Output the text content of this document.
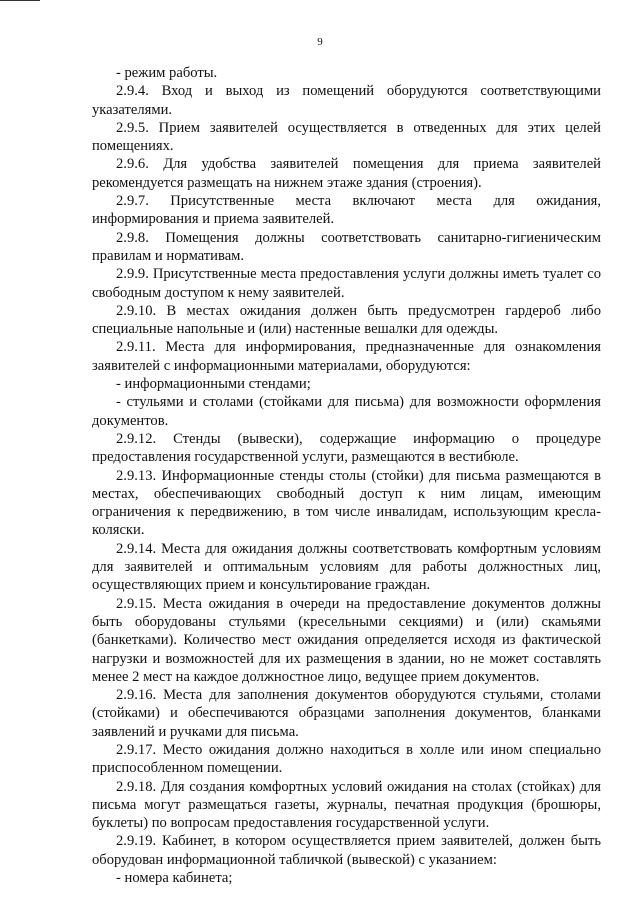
9

- режим работы.

2.9.4. Вход и выход из помещений оборудуются соответствующими указателями.

2.9.5. Прием заявителей осуществляется в отведенных для этих целей помещениях.

2.9.6. Для удобства заявителей помещения для приема заявителей рекомендуется размещать на нижнем этаже здания (строения).

2.9.7. Присутственные места включают места для ожидания, информирования и приема заявителей.

2.9.8. Помещения должны соответствовать санитарно-гигиеническим правилам и нормативам.

2.9.9. Присутственные места предоставления услуги должны иметь туалет со свободным доступом к нему заявителей.

2.9.10. В местах ожидания должен быть предусмотрен гардероб либо специальные напольные и (или) настенные вешалки для одежды.

2.9.11. Места для информирования, предназначенные для ознакомления заявителей с информационными материалами, оборудуются:

- информационными стендами;

- стульями и столами (стойками для письма) для возможности оформления документов.

2.9.12. Стенды (вывески), содержащие информацию о процедуре предоставления государственной услуги, размещаются в вестибюле.

2.9.13. Информационные стенды столы (стойки) для письма размещаются в местах, обеспечивающих свободный доступ к ним лицам, имеющим ограничения к передвижению, в том числе инвалидам, использующим кресла-коляски.

2.9.14. Места для ожидания должны соответствовать комфортным условиям для заявителей и оптимальным условиям для работы должностных лиц, осуществляющих прием и консультирование граждан.

2.9.15. Места ожидания в очереди на предоставление документов должны быть оборудованы стульями (кресельными секциями) и (или) скамьями (банкетками). Количество мест ожидания определяется исходя из фактической нагрузки и возможностей для их размещения в здании, но не может составлять менее 2 мест на каждое должностное лицо, ведущее прием документов.

2.9.16. Места для заполнения документов оборудуются стульями, столами (стойками) и обеспечиваются образцами заполнения документов, бланками заявлений и ручками для письма.

2.9.17. Место ожидания должно находиться в холле или ином специально приспособленном помещении.

2.9.18. Для создания комфортных условий ожидания на столах (стойках) для письма могут размещаться газеты, журналы, печатная продукция (брошюры, буклеты) по вопросам предоставления государственной услуги.

2.9.19. Кабинет, в котором осуществляется прием заявителей, должен быть оборудован информационной табличкой (вывеской) с указанием:

- номера кабинета;
